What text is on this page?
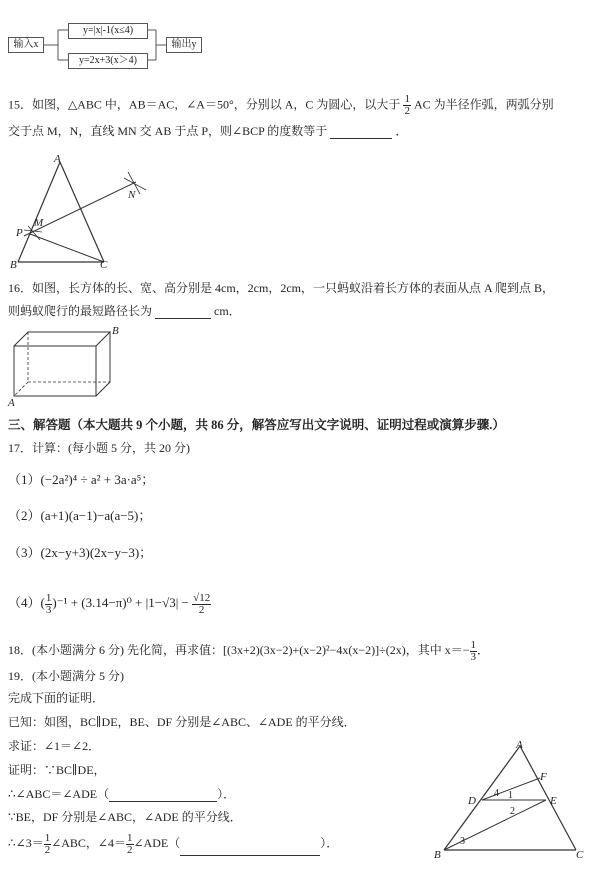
输入x
y=|x|-1(x≤4)
y=2x+3(x＞4)
输出y
15．如图，△ABC 中，AB＝AC，∠A＝50°，分别以 A，C 为圆心，以大于 $\frac{1}{2}$ AC 为半径作弧，两弧分别
交于点 M，N，直线 MN 交 AB 于点 P，则∠BCP 的度数等于	．
A
N
M
P
B	C
16．如图，长方体的长、宽、高分别是 4cm，2cm，2cm，一只蚂蚁沿着长方体的表面从点 A 爬到点 B，
则蚂蚁爬行的最短路径长为	cm．
B
A
三、解答题（本大题共 9 个小题，共 86 分，解答应写出文字说明、证明过程或演算步骤.）
17．计算：(每小题 5 分，共 20 分)
（1）(−2a²)⁴ ÷ a² + 3a·a⁵；
（2）(a+1)(a−1)−a(a−5)；
（3）(2x−y+3)(2x−y−3)；
$(4)( \frac{1}{3} )^{-1} + (3.14-\pi)^0 + |1-√3| - \frac{√12}{2}$
18．(本小题满分 6 分) 先化简，再求值：[(3x+2)(3x−2)+(x−2)²−4x(x−2)]÷(2x)，其中 $x=- \frac{1}{3}$ ．
19．(本小题满分 5 分)
完成下面的证明．
已知：如图，BC∥DE，BE、DF 分别是∠ABC、∠ADE 的平分线．
求证：∠1＝∠2．
证明：∵BC∥DE，
∴∠ABC＝∠ADE（	）．
∵BE，DF 分别是∠ABC，∠ADE 的平分线．
∴∠3＝ $\frac{1}{2}$ ∠ABC，∠4＝ $\frac{1}{2}$ ∠ADE（	）．
A
F
D	E
B	C
4 1
2
3
